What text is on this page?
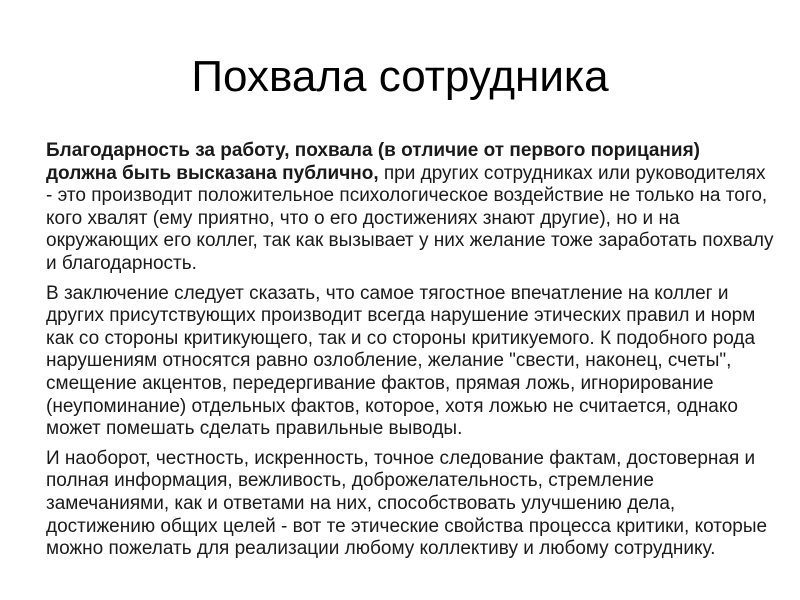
Похвала сотрудника

Благодарность за работу, похвала (в отличие от первого порицания) должна быть высказана публично, при других сотрудниках или руководителях - это производит положительное психологическое воздействие не только на того, кого хвалят (ему приятно, что о его достижениях знают другие), но и на окружающих его коллег, так как вызывает у них желание тоже заработать похвалу и благодарность.

В заключение следует сказать, что самое тягостное впечатление на коллег и других присутствующих производит всегда нарушение этических правил и норм как со стороны критикующего, так и со стороны критикуемого. К подобного рода нарушениям относятся равно озлобление, желание "свести, наконец, счеты", смещение акцентов, передергивание фактов, прямая ложь, игнорирование (неупоминание) отдельных фактов, которое, хотя ложью не считается, однако может помешать сделать правильные выводы.

И наоборот, честность, искренность, точное следование фактам, достоверная и полная информация, вежливость, доброжелательность, стремление замечаниями, как и ответами на них, способствовать улучшению дела, достижению общих целей - вот те этические свойства процесса критики, которые можно пожелать для реализации любому коллективу и любому сотруднику.
